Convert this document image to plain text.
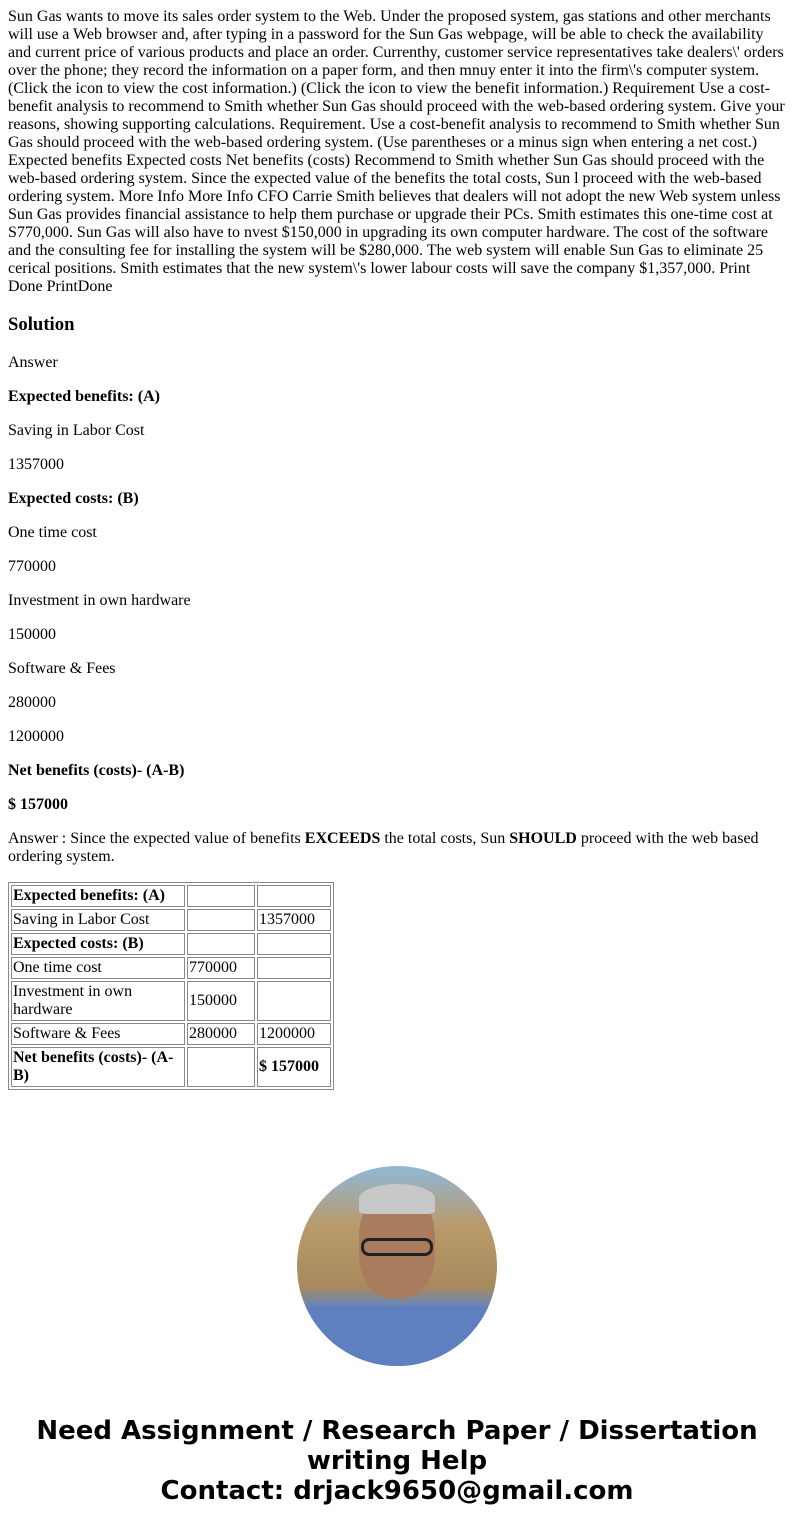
Sun Gas wants to move its sales order system to the Web. Under the proposed system, gas stations and other merchants will use a Web browser and, after typing in a password for the Sun Gas webpage, will be able to check the availability and current price of various products and place an order. Currenthy, customer service representatives take dealers\' orders over the phone; they record the information on a paper form, and then mnuy enter it into the firm\'s computer system. (Click the icon to view the cost information.) (Click the icon to view the benefit information.) Requirement Use a cost-benefit analysis to recommend to Smith whether Sun Gas should proceed with the web-based ordering system. Give your reasons, showing supporting calculations. Requirement. Use a cost-benefit analysis to recommend to Smith whether Sun Gas should proceed with the web-based ordering system. (Use parentheses or a minus sign when entering a net cost.) Expected benefits Expected costs Net benefits (costs) Recommend to Smith whether Sun Gas should proceed with the web-based ordering system. Since the expected value of the benefits the total costs, Sun l proceed with the web-based ordering system. More Info More Info CFO Carrie Smith believes that dealers will not adopt the new Web system unless Sun Gas provides financial assistance to help them purchase or upgrade their PCs. Smith estimates this one-time cost at S770,000. Sun Gas will also have to nvest $150,000 in upgrading its own computer hardware. The cost of the software and the consulting fee for installing the system will be $280,000. The web system will enable Sun Gas to eliminate 25 cerical positions. Smith estimates that the new system\'s lower labour costs will save the company $1,357,000. Print Done PrintDone

Solution

Answer

Expected benefits: (A)

Saving in Labor Cost

1357000

Expected costs: (B)

One time cost

770000

Investment in own hardware

150000

Software & Fees

280000

1200000

Net benefits (costs)- (A-B)

$ 157000

Answer : Since the expected value of benefits EXCEEDS the total costs, Sun SHOULD proceed with the web based ordering system.

Expected benefits: (A)		
Saving in Labor Cost		1357000
Expected costs: (B)		
One time cost	770000	
Investment in own hardware	150000	
Software & Fees	280000	1200000
Net benefits (costs)- (A-B)		$ 157000
Need Assignment / Research Paper / Dissertation writing Help
Contact: drjack9650@gmail.com
